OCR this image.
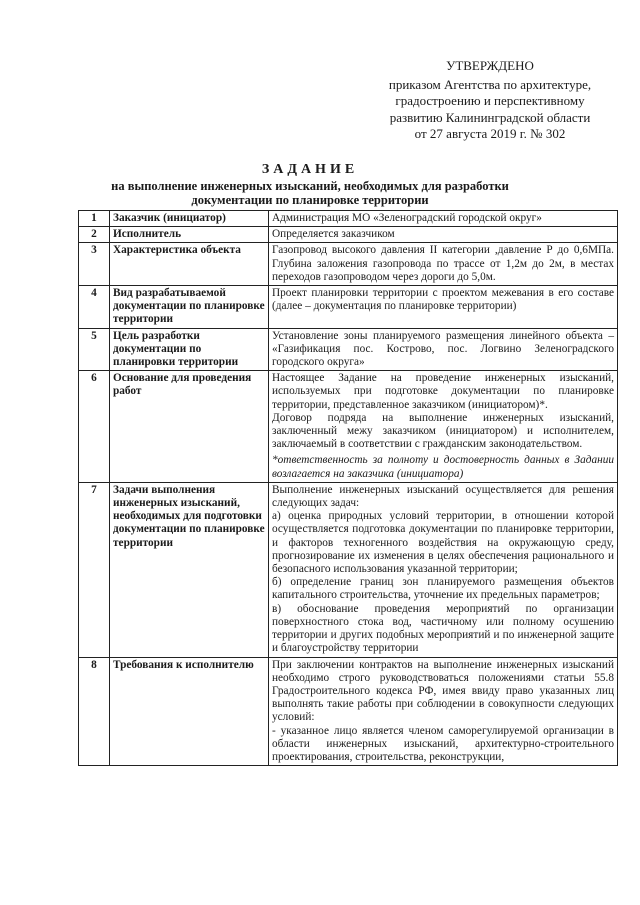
УТВЕРЖДЕНО
приказом Агентства по архитектуре,
градостроению и перспективному
развитию Калининградской области
от 27 августа 2019 г. № 302
ЗАДАНИЕ
на выполнение инженерных изысканий, необходимых для разработки
документации по планировке территории
1	Заказчик (инициатор)	Администрация МО «Зеленоградский городской округ»

2	Исполнитель	Определяется заказчиком

3	Характеристика объекта	Газопровод высокого давления II категории ,давление Р до 0,6МПа. Глубина заложения газопровода по трассе от 1,2м до 2м, в местах переходов газопроводом через дороги до 5,0м.

4	Вид разрабатываемой документации по планировке территории	Проект планировки территории с проектом межевания в его составе (далее – документация по планировке территории)

5	Цель разработки документации по планировки территории	Установление зоны планируемого размещения линейного объекта – «Газификация пос. Кострово, пос. Логвино Зеленоградского городского округа»

6	Основание для проведения работ	Настоящее Задание на проведение инженерных изысканий, используемых при подготовке документации по планировке территории, представленное заказчиком (инициатором)*.
Договор подряда на выполнение инженерных изысканий, заключенный межу заказчиком (инициатором) и исполнителем, заключаемый в соответствии с гражданским законодательством.
*ответственность за полноту и достоверность данных в Задании возлагается на заказчика (инициатора)

7	Задачи выполнения инженерных изысканий, необходимых для подготовки документации по планировке территории	Выполнение инженерных изысканий осуществляется для решения следующих задач:
а) оценка природных условий территории, в отношении которой осуществляется подготовка документации по планировке территории, и факторов техногенного воздействия на окружающую среду, прогнозирование их изменения в целях обеспечения рационального и безопасного использования указанной территории;
б) определение границ зон планируемого размещения объектов капитального строительства, уточнение их предельных параметров;
в) обоснование проведения мероприятий по организации поверхностного стока вод, частичному или полному осушению территории и других подобных мероприятий и по инженерной защите и благоустройству территории

8	Требования к исполнителю	При заключении контрактов на выполнение инженерных изысканий необходимо строго руководствоваться положениями статьи 55.8 Градостроительного кодекса РФ, имея ввиду право указанных лиц выполнять такие работы при соблюдении в совокупности следующих условий:
- указанное лицо является членом саморегулируемой организации в области инженерных изысканий, архитектурно-строительного проектирования, строительства, реконструкции,
